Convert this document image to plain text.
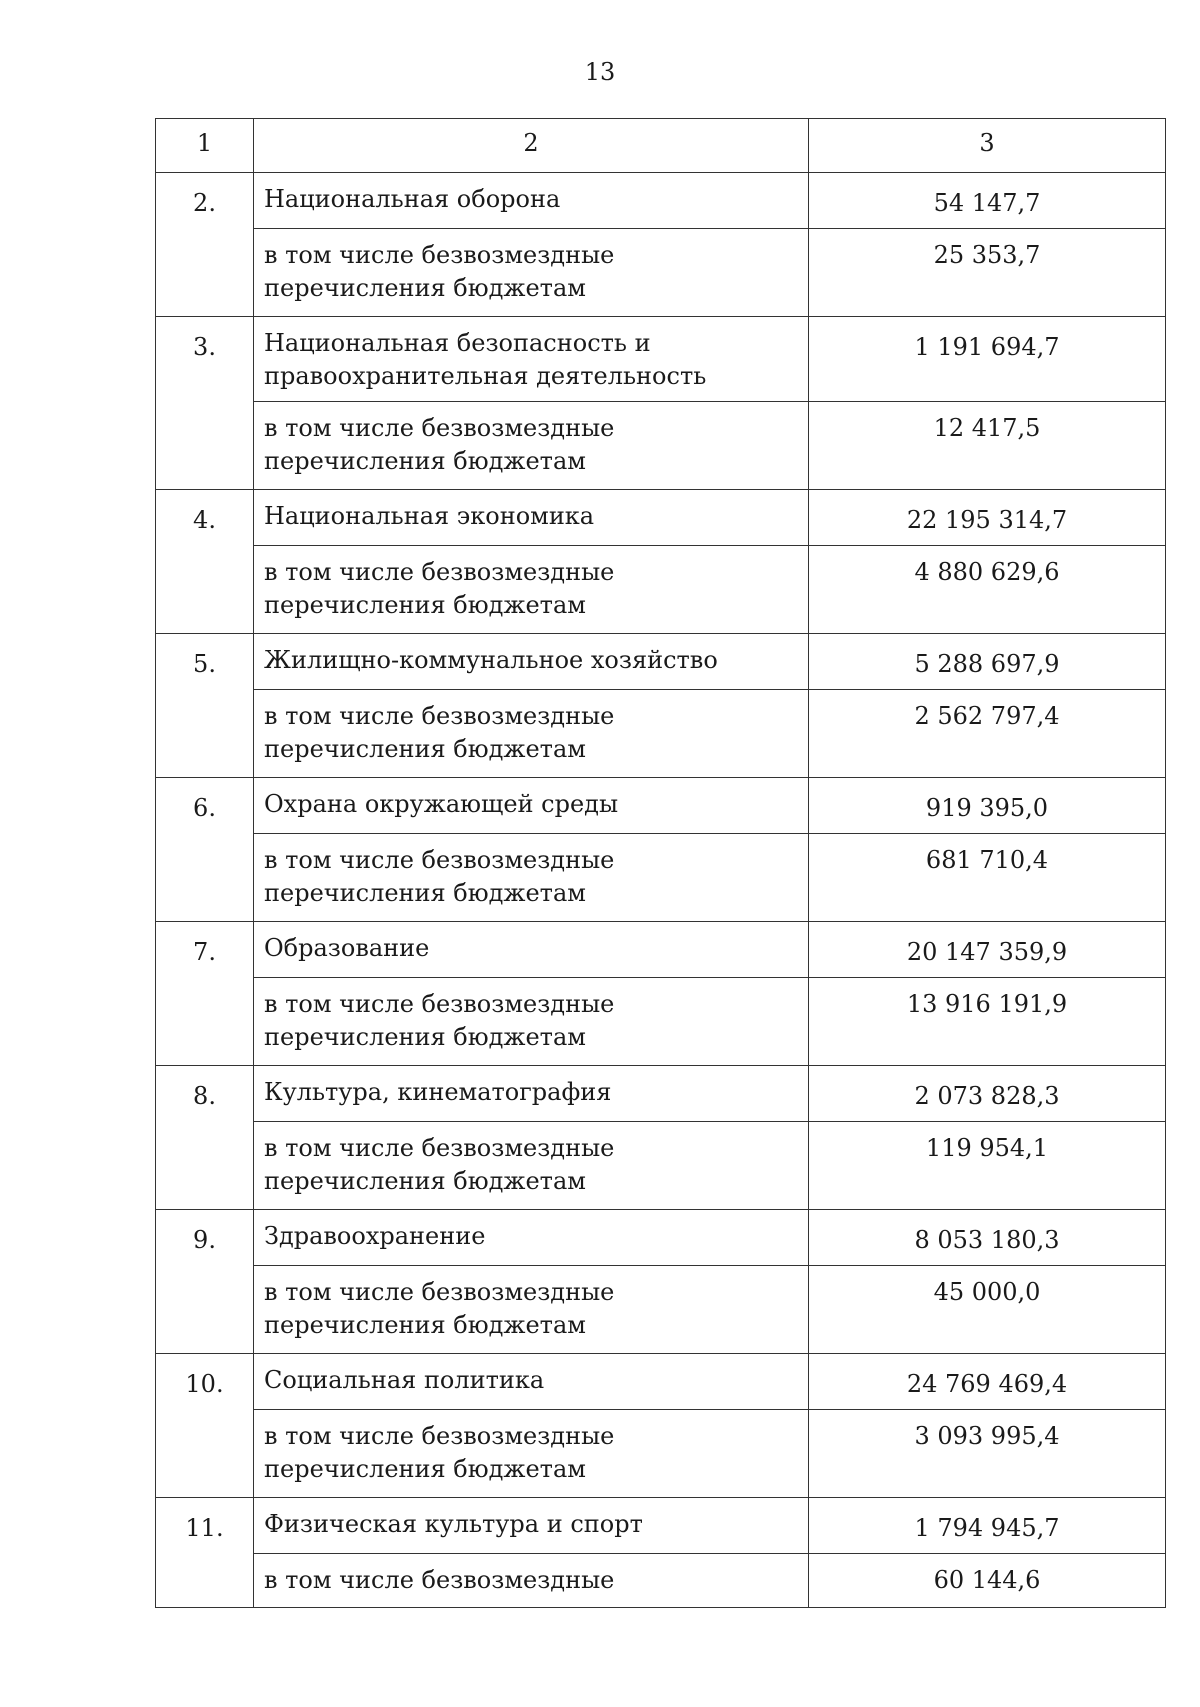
13
1	2	3
2.	Национальная оборона	54 147,7
	в том числе безвозмездные перечисления бюджетам	25 353,7
3.	Национальная безопасность и правоохранительная деятельность	1 191 694,7
	в том числе безвозмездные перечисления бюджетам	12 417,5
4.	Национальная экономика	22 195 314,7
	в том числе безвозмездные перечисления бюджетам	4 880 629,6
5.	Жилищно-коммунальное хозяйство	5 288 697,9
	в том числе безвозмездные перечисления бюджетам	2 562 797,4
6.	Охрана окружающей среды	919 395,0
	в том числе безвозмездные перечисления бюджетам	681 710,4
7.	Образование	20 147 359,9
	в том числе безвозмездные перечисления бюджетам	13 916 191,9
8.	Культура, кинематография	2 073 828,3
	в том числе безвозмездные перечисления бюджетам	119 954,1
9.	Здравоохранение	8 053 180,3
	в том числе безвозмездные перечисления бюджетам	45 000,0
10.	Социальная политика	24 769 469,4
	в том числе безвозмездные перечисления бюджетам	3 093 995,4
11.	Физическая культура и спорт	1 794 945,7
	в том числе безвозмездные	60 144,6
